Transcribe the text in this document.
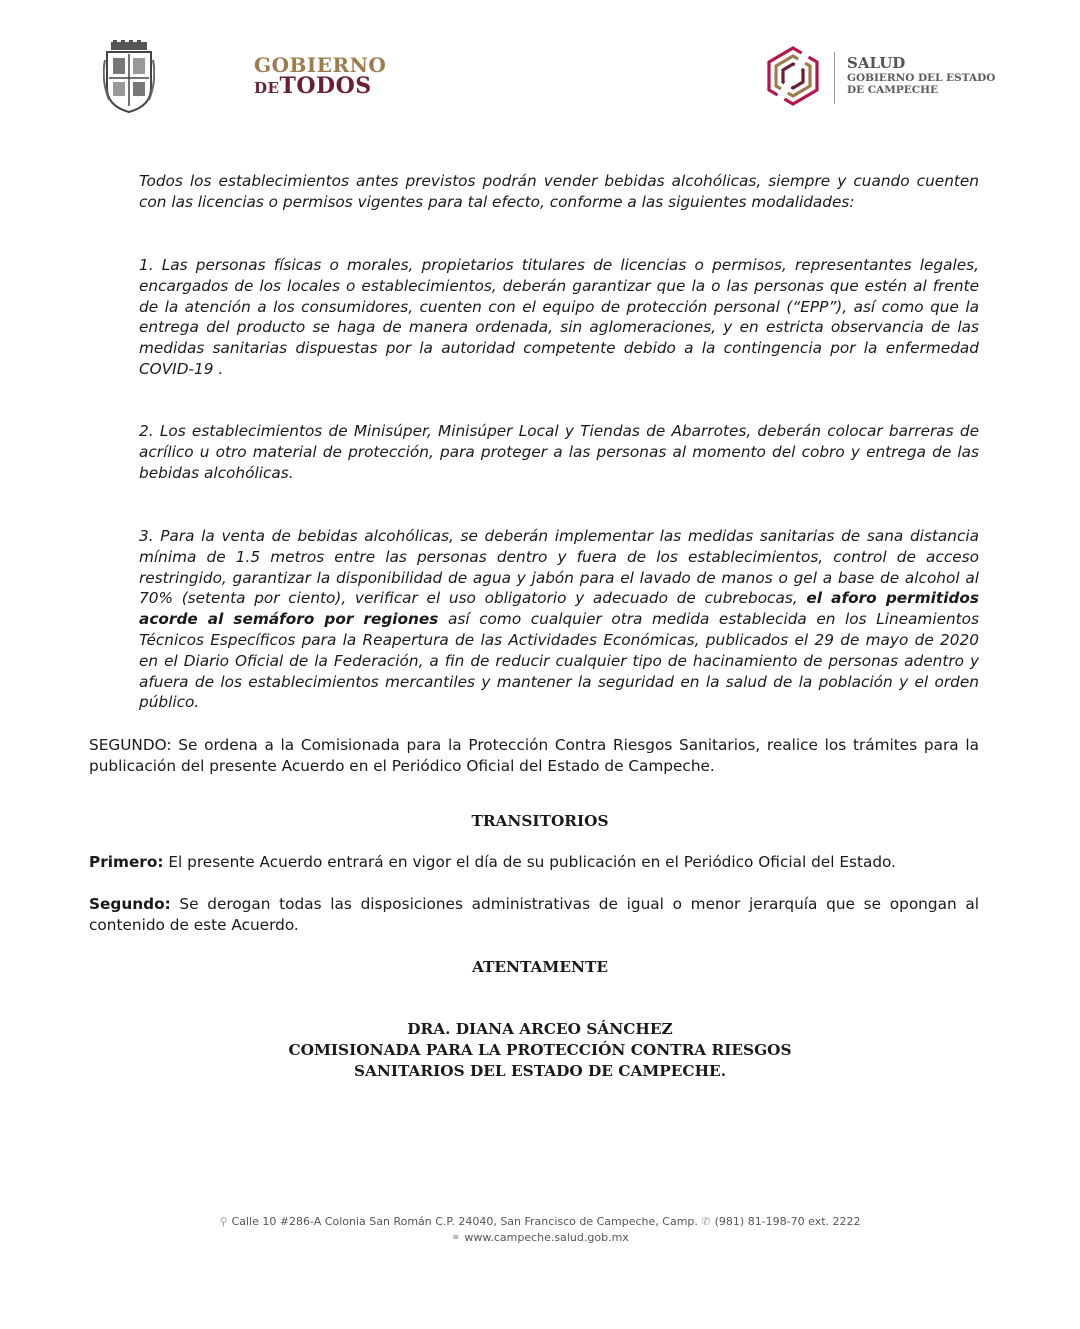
GOBIERNO
DETODOS
SALUD
GOBIERNO DEL ESTADO
DE CAMPECHE

Todos los establecimientos antes previstos podrán vender bebidas alcohólicas, siempre y cuando cuenten con las licencias o permisos vigentes para tal efecto, conforme a las siguientes modalidades:

1. Las personas físicas o morales, propietarios titulares de licencias o permisos, representantes legales, encargados de los locales o establecimientos, deberán garantizar que la o las personas que estén al frente de la atención a los consumidores, cuenten con el equipo de protección personal (“EPP”), así como que la entrega del producto se haga de manera ordenada, sin aglomeraciones, y en estricta observancia de las medidas sanitarias dispuestas por la autoridad competente debido a la contingencia por la enfermedad COVID-19 .

2. Los establecimientos de Minisúper, Minisúper Local y Tiendas de Abarrotes, deberán colocar barreras de acrílico u otro material de protección, para proteger a las personas al momento del cobro y entrega de las bebidas alcohólicas.

3. Para la venta de bebidas alcohólicas, se deberán implementar las medidas sanitarias de sana distancia mínima de 1.5 metros entre las personas dentro y fuera de los establecimientos, control de acceso restringido, garantizar la disponibilidad de agua y jabón para el lavado de manos o gel a base de alcohol al 70% (setenta por ciento), verificar el uso obligatorio y adecuado de cubrebocas, el aforo permitidos acorde al semáforo por regiones así como cualquier otra medida establecida en los Lineamientos Técnicos Específicos para la Reapertura de las Actividades Económicas, publicados el 29 de mayo de 2020 en el Diario Oficial de la Federación, a fin de reducir cualquier tipo de hacinamiento de personas adentro y afuera de los establecimientos mercantiles y mantener la seguridad en la salud de la población y el orden público.

SEGUNDO: Se ordena a la Comisionada para la Protección Contra Riesgos Sanitarios, realice los trámites para la publicación del presente Acuerdo en el Periódico Oficial del Estado de Campeche.

TRANSITORIOS

Primero: El presente Acuerdo entrará en vigor el día de su publicación en el Periódico Oficial del Estado.

Segundo: Se derogan todas las disposiciones administrativas de igual o menor jerarquía que se opongan al contenido de este Acuerdo.

ATENTAMENTE

DRA. DIANA ARCEO SÁNCHEZ

COMISIONADA PARA LA PROTECCIÓN CONTRA RIESGOS

SANITARIOS DEL ESTADO DE CAMPECHE.

⚲ Calle 10 #286-A Colonia San Román C.P. 24040, San Francisco de Campeche, Camp. ✆ (981) 81-198-70 ext. 2222
⚭ www.campeche.salud.gob.mx
